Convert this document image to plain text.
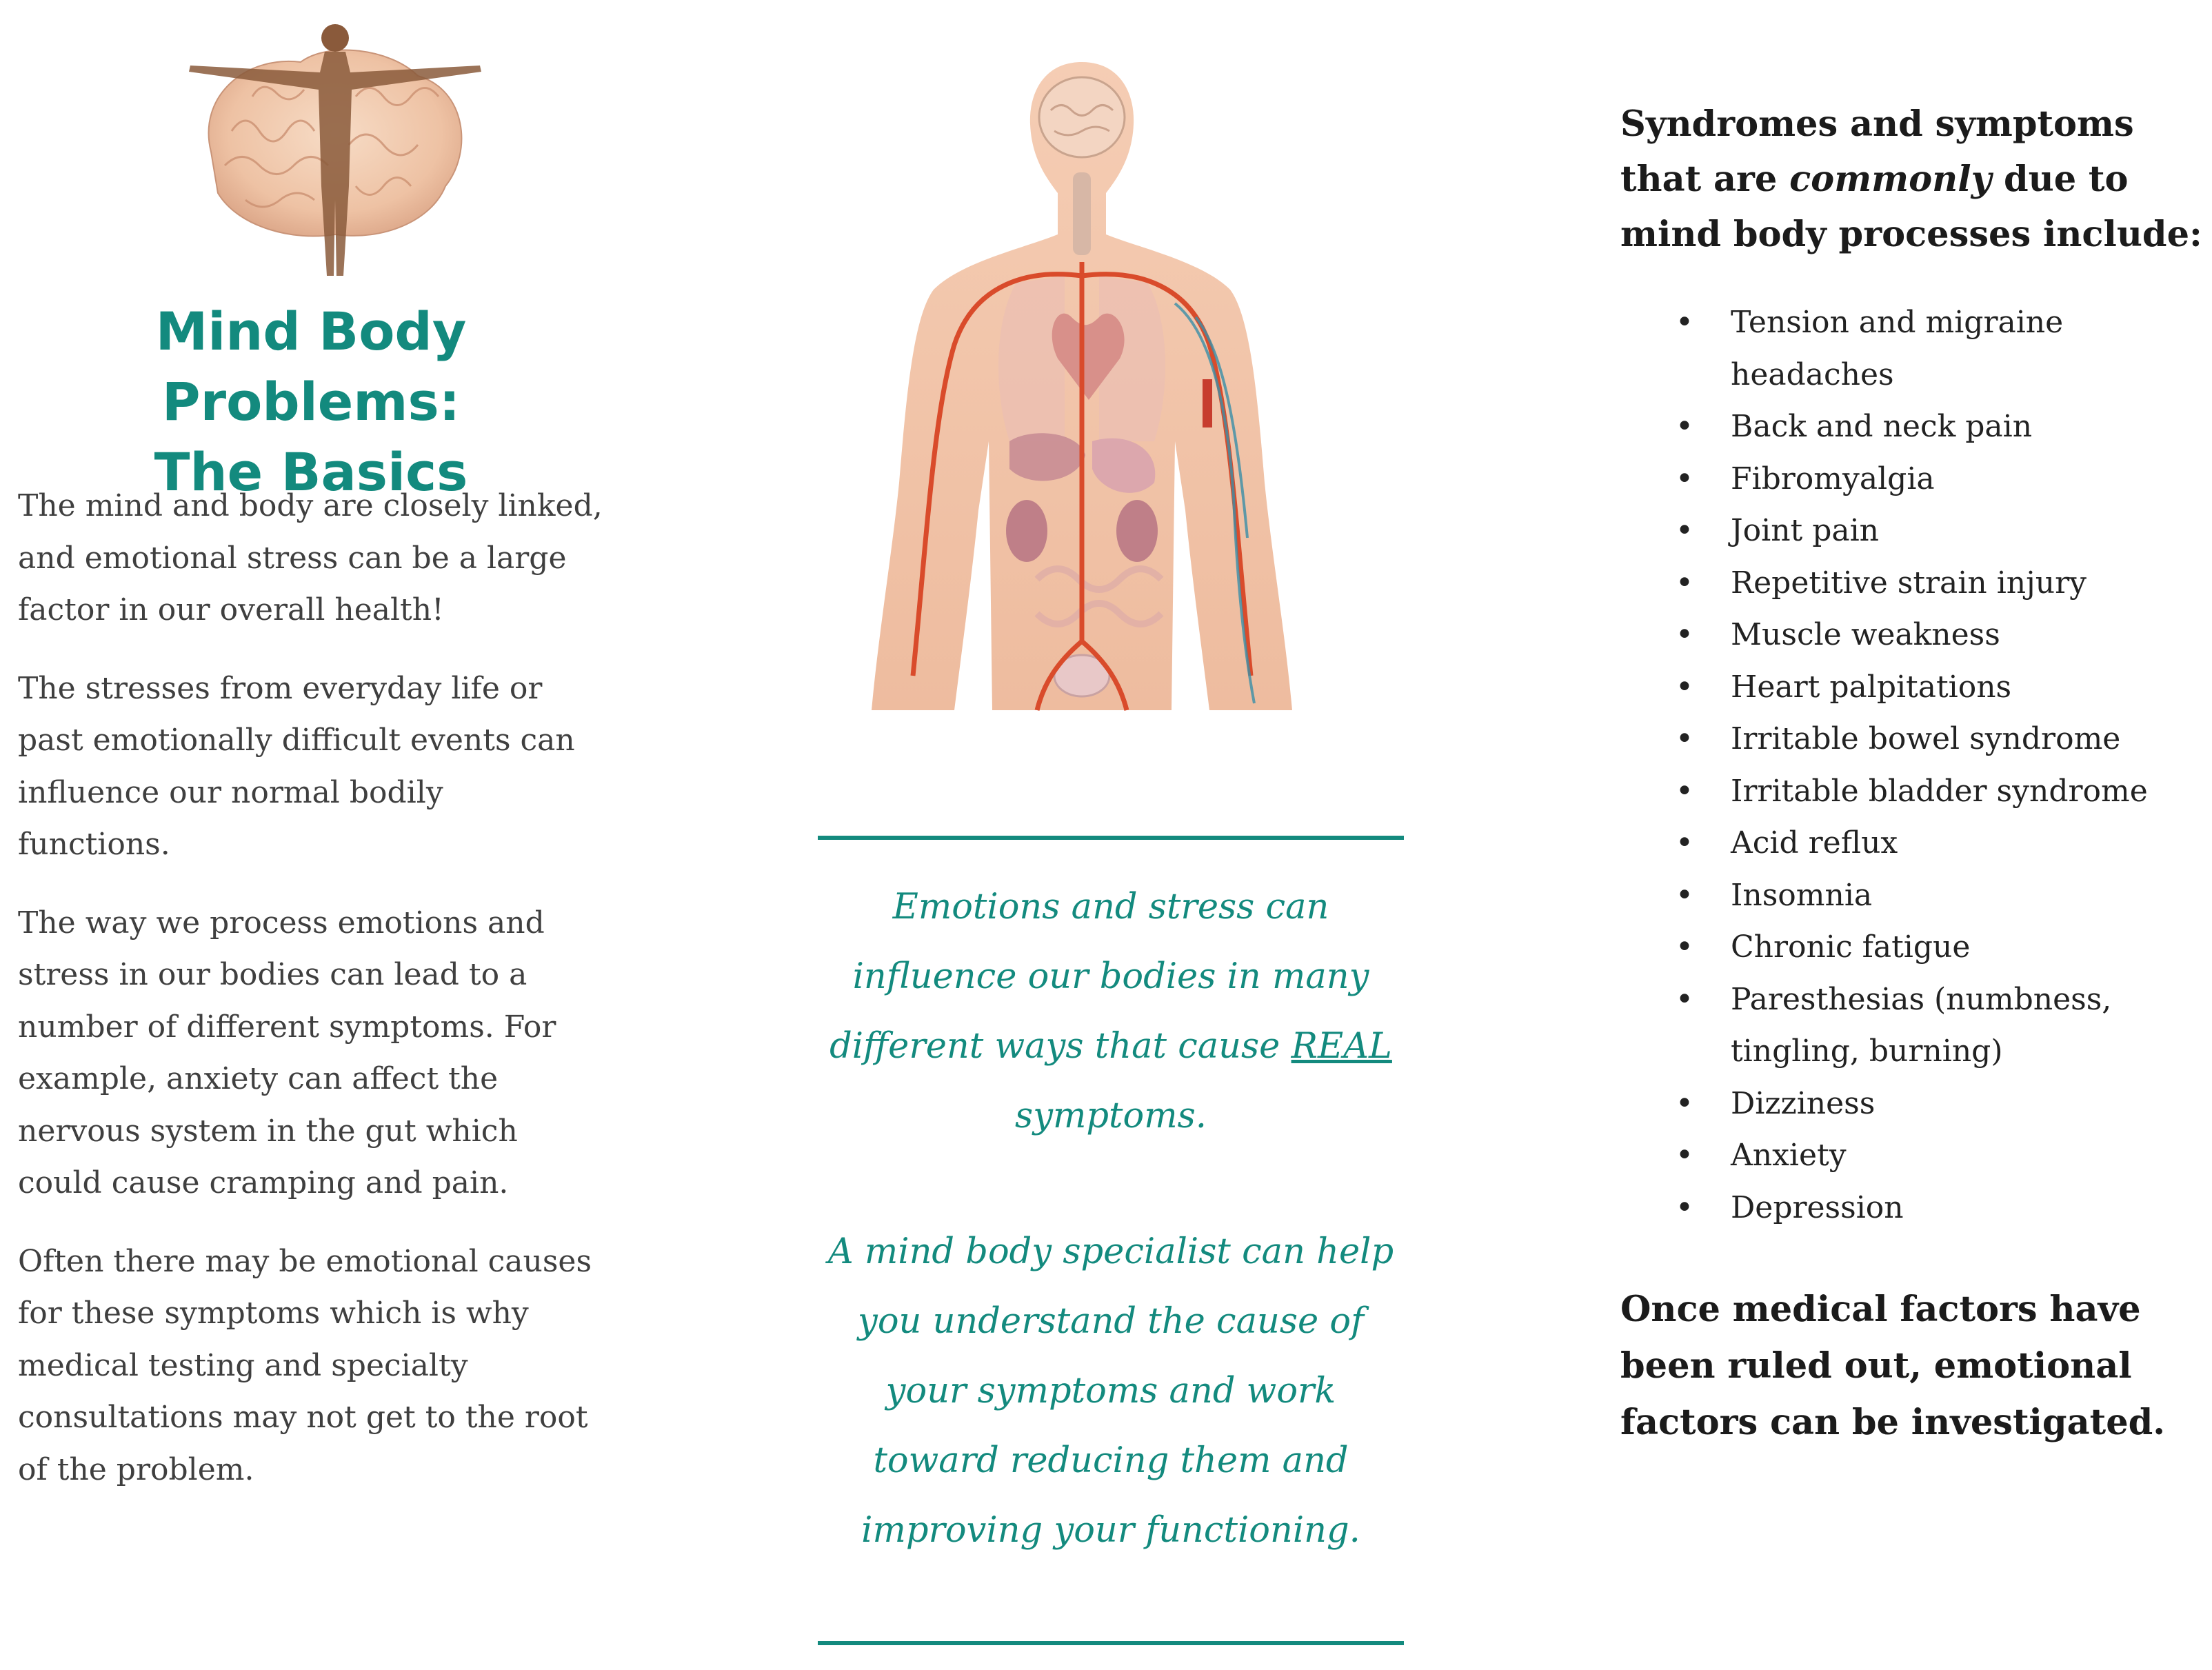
Mind Body Problems:
The Basics

The mind and body are closely linked, and emotional stress can be a large factor in our overall health!

The stresses from everyday life or past emotionally difficult events can influence our normal bodily functions.

The way we process emotions and stress in our bodies can lead to a number of different symptoms. For example, anxiety can affect the nervous system in the gut which could cause cramping and pain.

Often there may be emotional causes for these symptoms which is why medical testing and specialty consultations may not get to the root of the problem.

Emotions and stress can influence our bodies in many different ways that cause REAL symptoms.
A mind body specialist can help you understand the cause of your symptoms and work toward reducing them and improving your functioning.
Syndromes and symptoms that are commonly due to mind body processes include:
• Tension and migraine headaches
• Back and neck pain
• Fibromyalgia
• Joint pain
• Repetitive strain injury
• Muscle weakness
• Heart palpitations
• Irritable bowel syndrome
• Irritable bladder syndrome
• Acid reflux
• Insomnia
• Chronic fatigue
• Paresthesias (numbness, tingling, burning)
• Dizziness
• Anxiety
• Depression
Once medical factors have been ruled out, emotional factors can be investigated.
